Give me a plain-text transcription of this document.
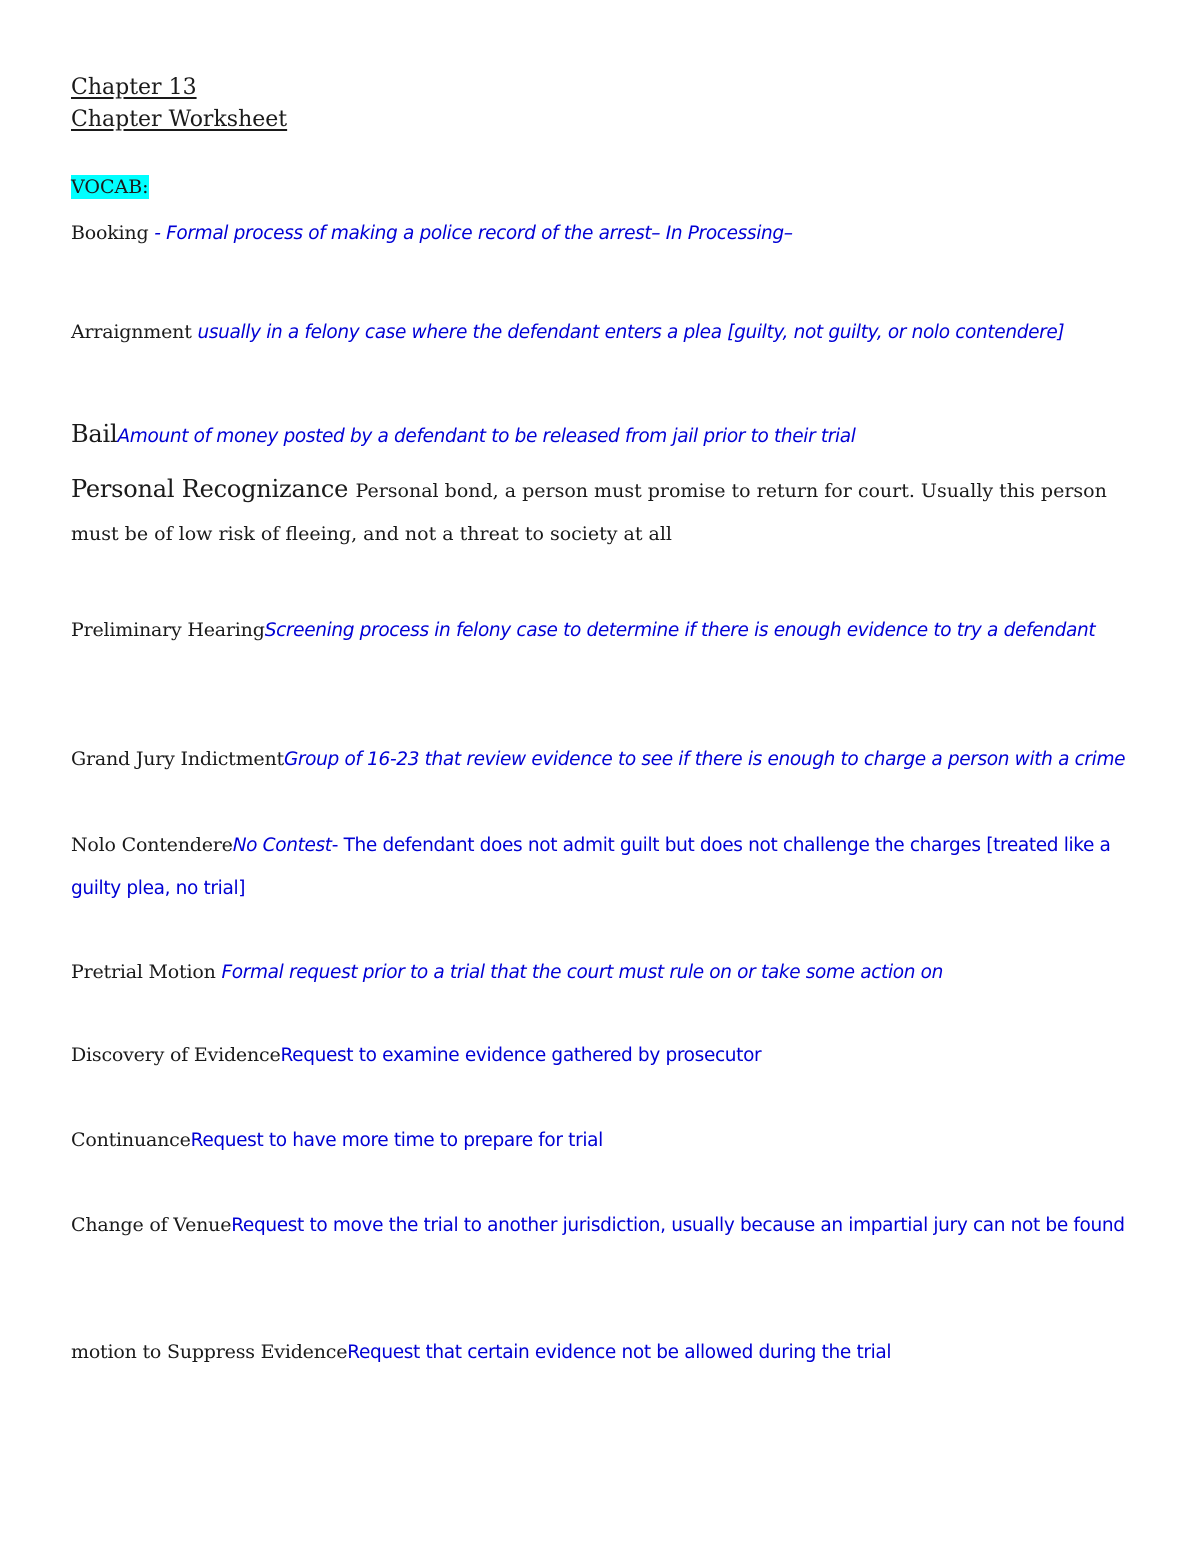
Chapter 13
Chapter Worksheet
VOCAB:
Booking - Formal process of making a police record of the arrest– In Processing–
Arraignment usually in a felony case where the defendant enters a plea [guilty, not guilty, or nolo contendere]
BailAmount of money posted by a defendant to be released from jail prior to their trial
Personal Recognizance Personal bond, a person must promise to return for court. Usually this person must be of low risk of fleeing, and not a threat to society at all
Preliminary HearingScreening process in felony case to determine if there is enough evidence to try a defendant
Grand Jury IndictmentGroup of 16-23 that review evidence to see if there is enough to charge a person with a crime
Nolo ContendereNo Contest- The defendant does not admit guilt but does not challenge the charges [treated like a guilty plea, no trial]
Pretrial Motion Formal request prior to a trial that the court must rule on or take some action on
Discovery of EvidenceRequest to examine evidence gathered by prosecutor
ContinuanceRequest to have more time to prepare for trial
Change of VenueRequest to move the trial to another jurisdiction, usually because an impartial jury can not be found
motion to Suppress EvidenceRequest that certain evidence not be allowed during the trial
